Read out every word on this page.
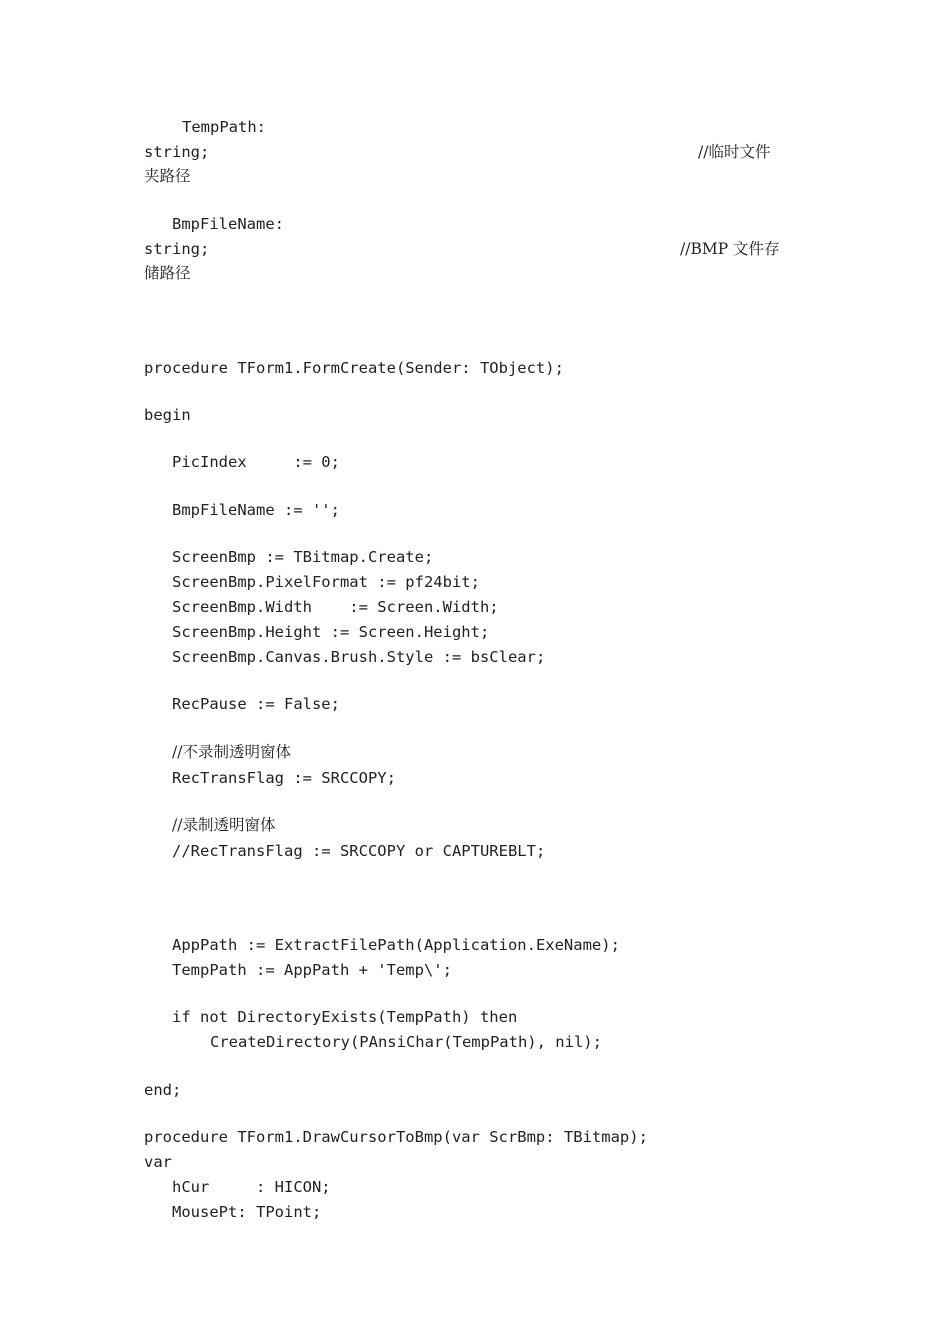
TempPath:
string;	//临时文件
夹路径
BmpFileName:
string;	//BMP 文件存
储路径
procedure TForm1.FormCreate(Sender: TObject);
begin
PicIndex     := 0;
BmpFileName := '';
ScreenBmp := TBitmap.Create;
ScreenBmp.PixelFormat := pf24bit;
ScreenBmp.Width    := Screen.Width;
ScreenBmp.Height := Screen.Height;
ScreenBmp.Canvas.Brush.Style := bsClear;
RecPause := False;
//不录制透明窗体
RecTransFlag := SRCCOPY;
//录制透明窗体
//RecTransFlag := SRCCOPY or CAPTUREBLT;
AppPath := ExtractFilePath(Application.ExeName);
TempPath := AppPath + 'Temp\';
if not DirectoryExists(TempPath) then
CreateDirectory(PAnsiChar(TempPath), nil);
end;
procedure TForm1.DrawCursorToBmp(var ScrBmp: TBitmap);
var
hCur     : HICON;
MousePt: TPoint;
